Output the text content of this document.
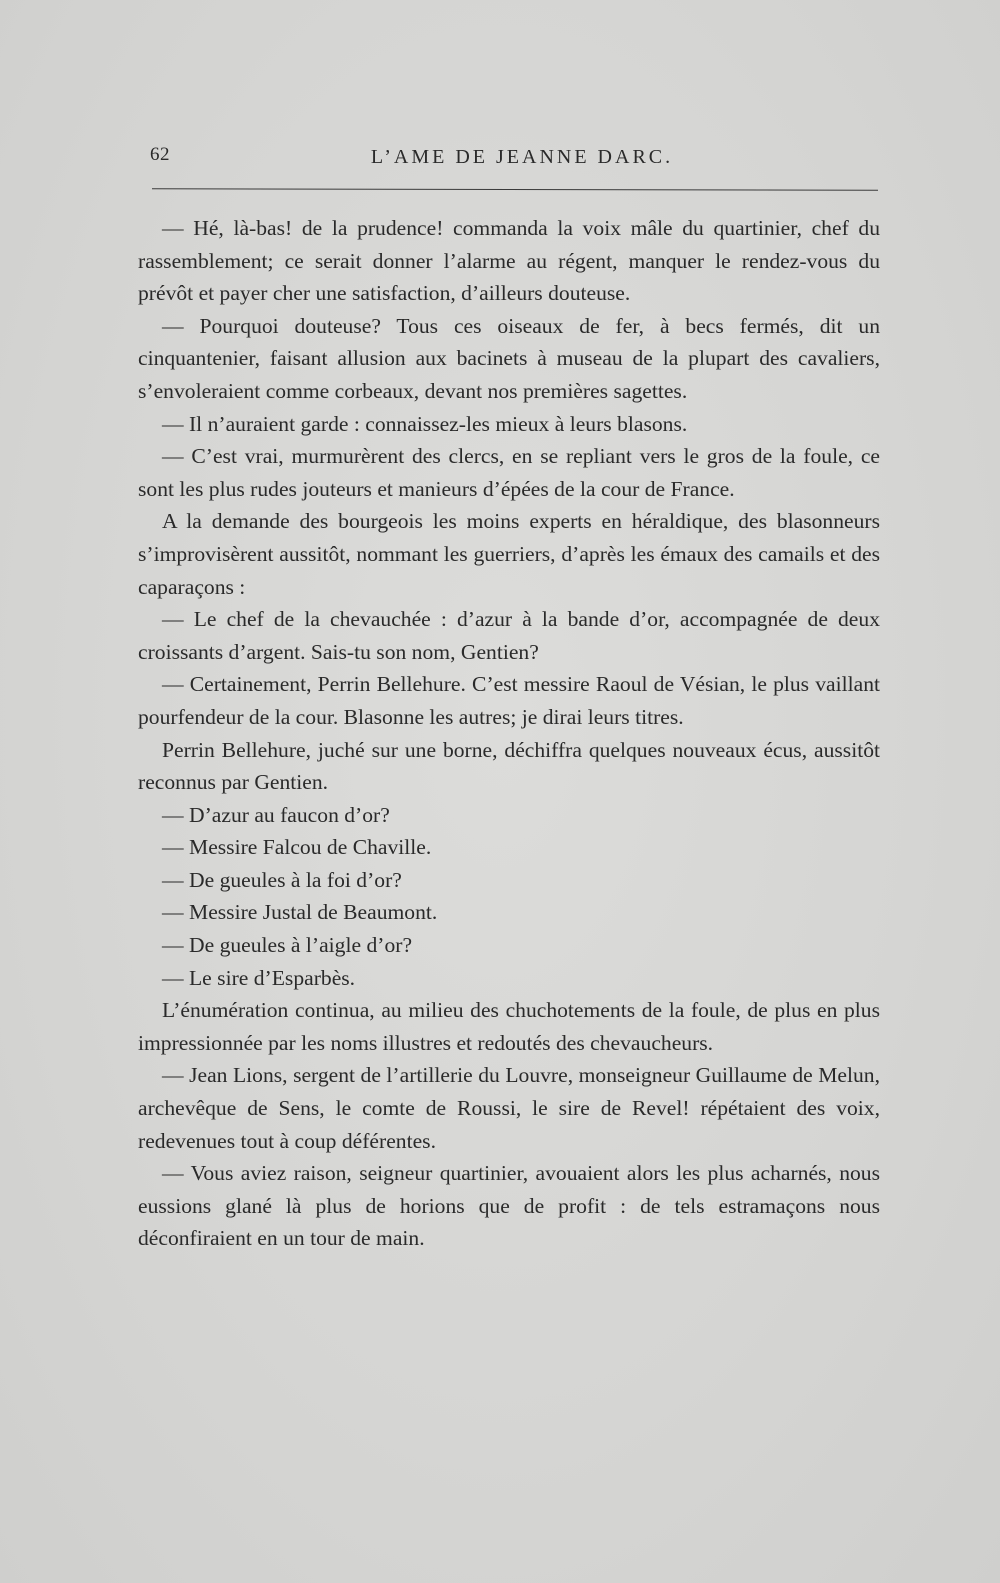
62	L’AME DE JEANNE DARC.

— Hé, là-bas! de la prudence! commanda la voix mâle du quartinier, chef du rassemblement; ce serait donner l’alarme au régent, manquer le rendez-vous du prévôt et payer cher une satisfaction, d’ailleurs douteuse.

— Pourquoi douteuse? Tous ces oiseaux de fer, à becs fermés, dit un cinquantenier, faisant allusion aux bacinets à museau de la plupart des cavaliers, s’envoleraient comme corbeaux, devant nos premières sagettes.

— Il n’auraient garde : connaissez-les mieux à leurs blasons.

— C’est vrai, murmurèrent des clercs, en se repliant vers le gros de la foule, ce sont les plus rudes jouteurs et manieurs d’épées de la cour de France.

A la demande des bourgeois les moins experts en héraldique, des blasonneurs s’improvisèrent aussitôt, nommant les guerriers, d’après les émaux des camails et des caparaçons :

— Le chef de la chevauchée : d’azur à la bande d’or, accompagnée de deux croissants d’argent. Sais-tu son nom, Gentien?

— Certainement, Perrin Bellehure. C’est messire Raoul de Vésian, le plus vaillant pourfendeur de la cour. Blasonne les autres; je dirai leurs titres.

Perrin Bellehure, juché sur une borne, déchiffra quelques nouveaux écus, aussitôt reconnus par Gentien.

— D’azur au faucon d’or?

— Messire Falcou de Chaville.

— De gueules à la foi d’or?

— Messire Justal de Beaumont.

— De gueules à l’aigle d’or?

— Le sire d’Esparbès.

L’énumération continua, au milieu des chuchotements de la foule, de plus en plus impressionnée par les noms illustres et redoutés des chevaucheurs.

— Jean Lions, sergent de l’artillerie du Louvre, monseigneur Guillaume de Melun, archevêque de Sens, le comte de Roussi, le sire de Revel! répétaient des voix, redevenues tout à coup déférentes.

— Vous aviez raison, seigneur quartinier, avouaient alors les plus acharnés, nous eussions glané là plus de horions que de profit : de tels estramaçons nous déconfiraient en un tour de main.
